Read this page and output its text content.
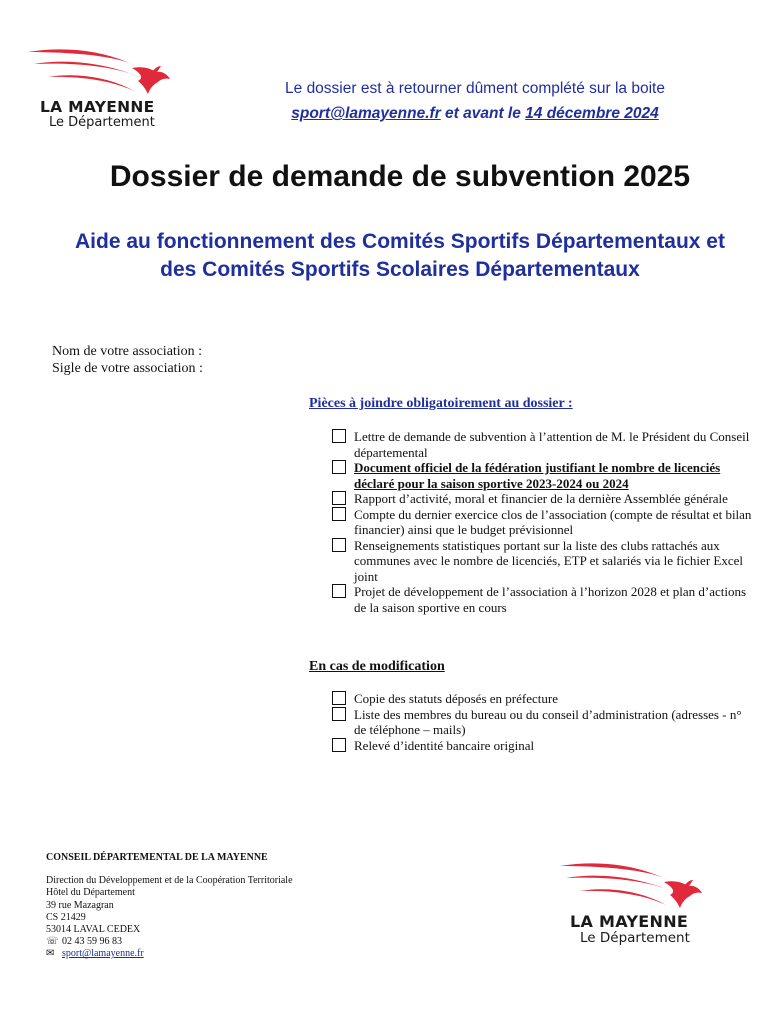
LA MAYENNE
Le Département
Le dossier est à retourner dûment complété sur la boite
sport@lamayenne.fr et avant le 14 décembre 2024
Dossier de demande de subvention 2025
Aide au fonctionnement des Comités Sportifs Départementaux et des Comités Sportifs Scolaires Départementaux
Nom de votre association :
Sigle de votre association :
Pièces à joindre obligatoirement au dossier :
Lettre de demande de subvention à l’attention de M. le Président du Conseil départemental
Document officiel de la fédération justifiant le nombre de licenciés déclaré pour la saison sportive 2023-2024 ou 2024
Rapport d’activité, moral et financier de la dernière Assemblée générale
Compte du dernier exercice clos de l’association (compte de résultat et bilan financier) ainsi que le budget prévisionnel
Renseignements statistiques portant sur la liste des clubs rattachés aux communes avec le nombre de licenciés, ETP et salariés via le fichier Excel joint
Projet de développement de l’association à l’horizon 2028 et plan d’actions de la saison sportive en cours
En cas de modification
Copie des statuts déposés en préfecture
Liste des membres du bureau ou du conseil d’administration (adresses - n° de téléphone – mails)
Relevé d’identité bancaire original
CONSEIL DÉPARTEMENTAL DE LA MAYENNE
Direction du Développement et de la Coopération Territoriale
Hôtel du Département
39 rue Mazagran
CS 21429
53014 LAVAL CEDEX
☏ 02 43 59 96 83
✉ sport@lamayenne.fr
LA MAYENNE
Le Département
